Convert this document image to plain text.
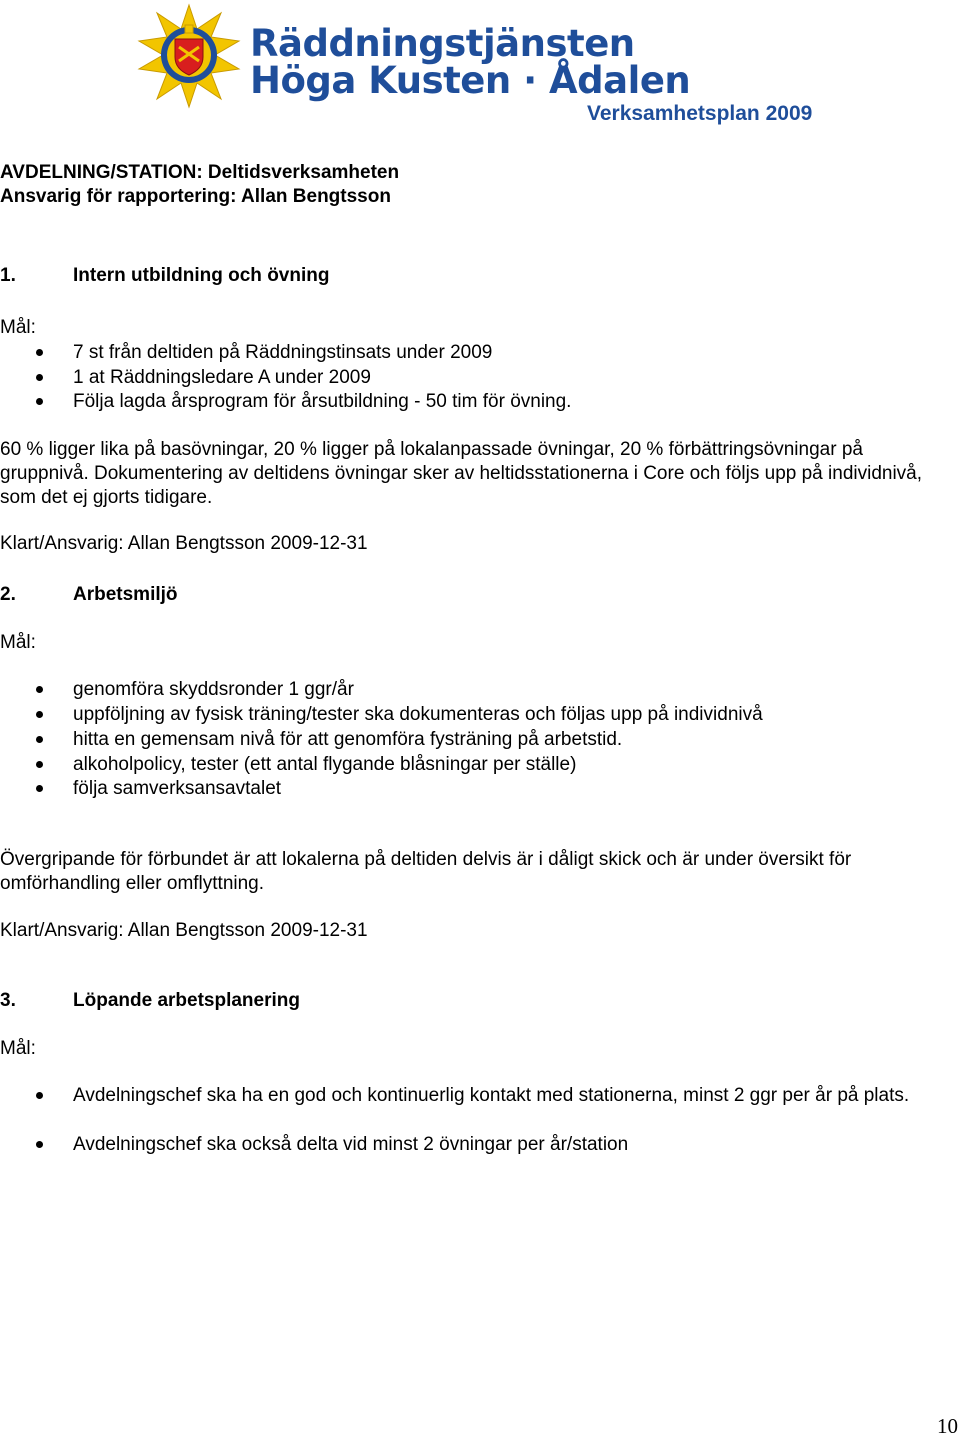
Räddningstjänsten
Höga Kusten · Ådalen
Verksamhetsplan 2009
AVDELNING/STATION: Deltidsverksamheten
Ansvarig för rapportering: Allan Bengtsson
1.	Intern utbildning och övning
Mål:
7 st från deltiden på Räddningstinsats under 2009
1 at Räddningsledare A under 2009
Följa lagda årsprogram för årsutbildning - 50 tim för övning.
60 % ligger lika på basövningar, 20 % ligger på lokalanpassade övningar, 20 % förbättringsövningar på gruppnivå. Dokumentering av deltidens övningar sker av heltidsstationerna i Core och följs upp på individnivå, som det ej gjorts tidigare.
Klart/Ansvarig: Allan Bengtsson 2009-12-31
2.	Arbetsmiljö
Mål:
genomföra skyddsronder 1 ggr/år
uppföljning av fysisk träning/tester ska dokumenteras och följas upp på individnivå
hitta en gemensam nivå för att genomföra fysträning på arbetstid.
alkoholpolicy, tester (ett antal flygande blåsningar per ställe)
följa samverksansavtalet
Övergripande för förbundet är att lokalerna på deltiden delvis är i dåligt skick och är under översikt för omförhandling eller omflyttning.
Klart/Ansvarig: Allan Bengtsson 2009-12-31
3.	Löpande arbetsplanering
Mål:
Avdelningschef ska ha en god och kontinuerlig kontakt med stationerna, minst 2 ggr per år på plats.
Avdelningschef ska också delta vid minst 2 övningar per år/station
10
